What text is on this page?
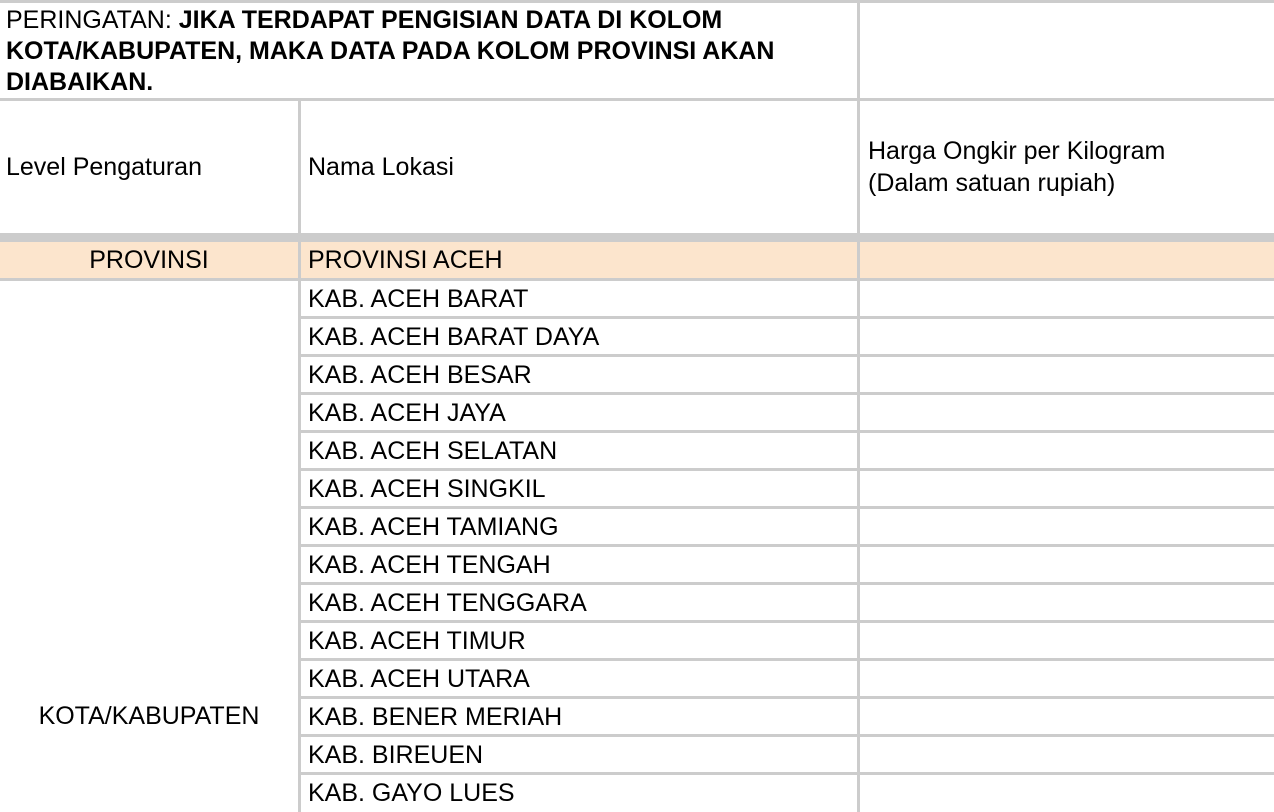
PERINGATAN: JIKA TERDAPAT PENGISIAN DATA DI KOLOM
KOTA/KABUPATEN, MAKA DATA PADA KOLOM PROVINSI AKAN
DIABAIKAN.
Level Pengaturan	Nama Lokasi
Harga Ongkir per Kilogram
(Dalam satuan rupiah)
PROVINSI	PROVINSI ACEH
KOTA/KABUPATEN
KAB. ACEH BARAT
KAB. ACEH BARAT DAYA
KAB. ACEH BESAR
KAB. ACEH JAYA
KAB. ACEH SELATAN
KAB. ACEH SINGKIL
KAB. ACEH TAMIANG
KAB. ACEH TENGAH
KAB. ACEH TENGGARA
KAB. ACEH TIMUR
KAB. ACEH UTARA
KAB. BENER MERIAH
KAB. BIREUEN
KAB. GAYO LUES
